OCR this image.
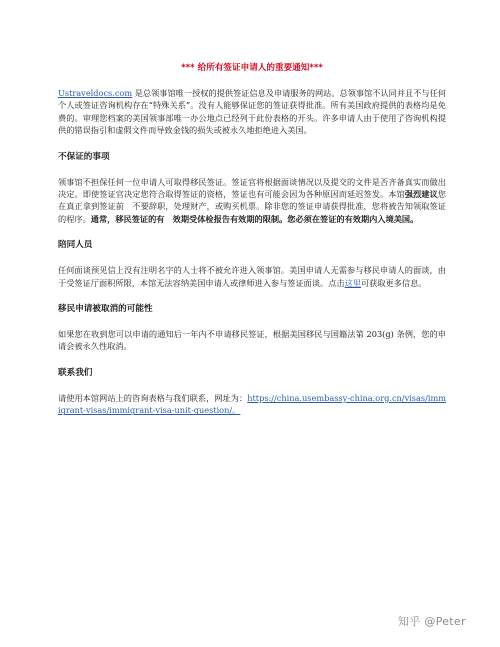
*** 给所有签证申请人的重要通知***

Ustraveldocs.com 是总领事馆唯一授权的提供签证信息及申请服务的网站。总领事馆不认同并且不与任何个人或签证咨询机构存在“特殊关系”。没有人能够保证您的签证获得批准。所有美国政府提供的表格均是免费的。审理您档案的美国领事部唯一办公地点已经列于此份表格的开头。许多申请人由于使用了咨询机构提供的错误指引和虚假文件而导致金钱的损失或被永久地拒绝进入美国。

不保证的事项

领事馆不担保任何一位申请人可取得移民签证。签证官将根据面谈情况以及提交的文件是否齐备真实而做出决定。即使签证官决定您符合取得签证的资格，签证也有可能会因为各种原因而延迟签发。本馆强烈建议您在真正拿到签证前　不要辞职，处理财产，或购买机票。除非您的签证申请获得批准，您将被告知领取签证的程序。通常，移民签证的有　效期受体检报告有效期的限制。您必须在签证的有效期内入境美国。

陪同人员

任何面谈预见信上没有注明名字的人士将不被允许进入领事馆。美国申请人无需参与移民申请人的面谈，由于受签证厅面积所限，本馆无法容纳美国申请人或律师进入参与签证面谈。点击这里可获取更多信息。

移民申请被取消的可能性

如果您在收到您可以申请的通知后一年内不申请移民签证，根据美国移民与国籍法第 203(g) 条例，您的申请会被永久性取消。

联系我们

请使用本馆网站上的咨询表格与我们联系，网址为：https://china.usembassy-china.org.cn/visas/immigrant-visas/immigrant-visa-unit-question/。

知乎 @Peter
